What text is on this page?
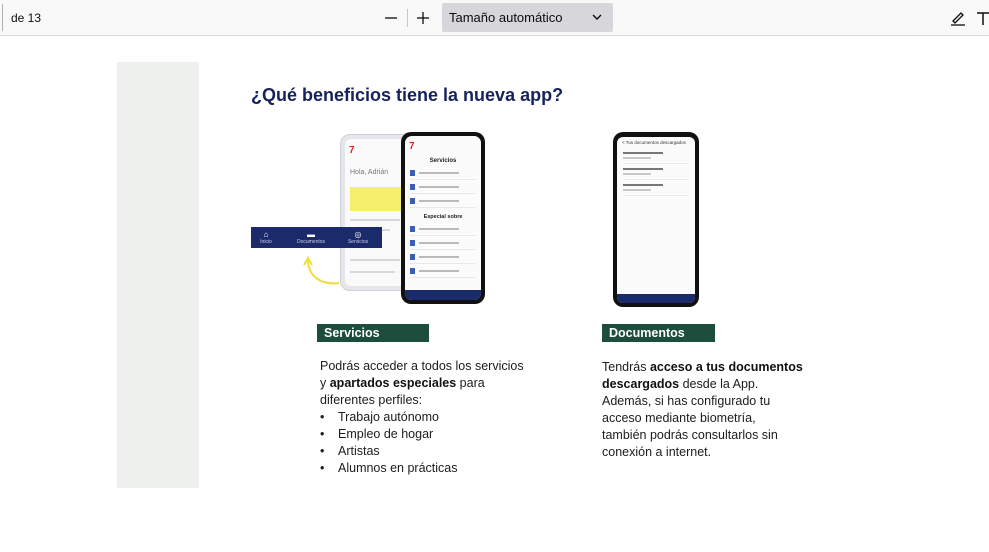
de 13	Tamaño automático
¿Qué beneficios tiene la nueva app?
7
Hola, Adrián
7
Servicios
Especial sobre
⌂
Inicio
▬
Documentos
◎
Servicios
< Tus documentos descargados
Servicios
Podrás acceder a todos los servicios
y apartados especiales para
diferentes perfiles:
• Trabajo autónomo
• Empleo de hogar
• Artistas
• Alumnos en prácticas
Documentos
Tendrás acceso a tus documentos
descargados desde la App.
Además, si has configurado tu
acceso mediante biometría,
también podrás consultarlos sin
conexión a internet.
